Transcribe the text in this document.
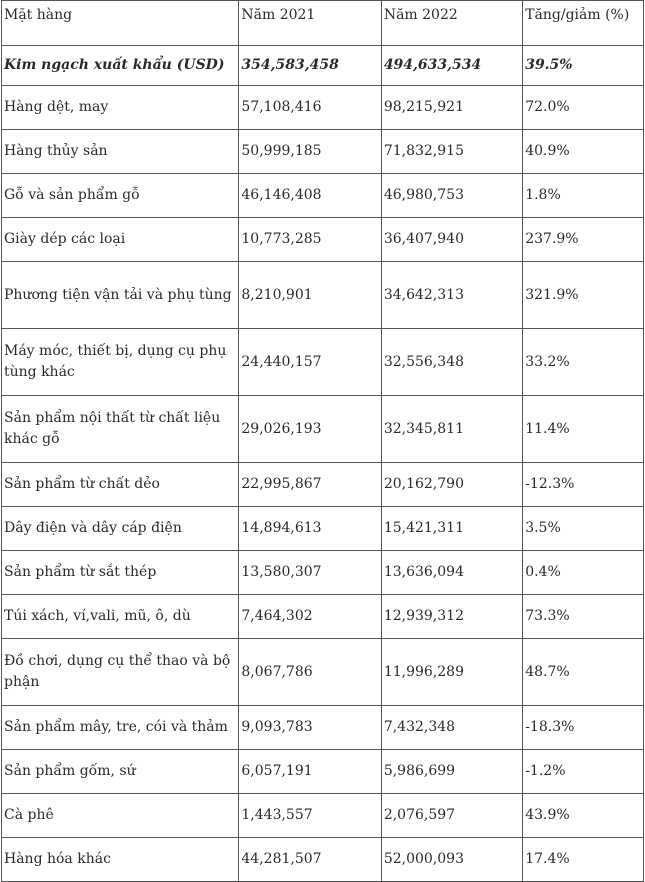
Mặt hàng	Năm 2021	Năm 2022	Tăng/giảm (%)
Kim ngạch xuất khẩu (USD)	354,583,458	494,633,534	39.5%
Hàng dệt, may	57,108,416	98,215,921	72.0%
Hàng thủy sản	50,999,185	71,832,915	40.9%
Gỗ và sản phẩm gỗ	46,146,408	46,980,753	1.8%
Giày dép các loại	10,773,285	36,407,940	237.9%
Phương tiện vận tải và phụ tùng	8,210,901	34,642,313	321.9%
Máy móc, thiết bị, dụng cụ phụ tùng khác	24,440,157	32,556,348	33.2%
Sản phẩm nội thất từ chất liệu khác gỗ	29,026,193	32,345,811	11.4%
Sản phẩm từ chất dẻo	22,995,867	20,162,790	-12.3%
Dây điện và dây cáp điện	14,894,613	15,421,311	3.5%
Sản phẩm từ sắt thép	13,580,307	13,636,094	0.4%
Túi xách, ví,vali, mũ, ô, dù	7,464,302	12,939,312	73.3%
Đồ chơi, dụng cụ thể thao và bộ phận	8,067,786	11,996,289	48.7%
Sản phẩm mây, tre, cói và thảm	9,093,783	7,432,348	-18.3%
Sản phẩm gốm, sứ	6,057,191	5,986,699	-1.2%
Cà phê	1,443,557	2,076,597	43.9%
Hàng hóa khác	44,281,507	52,000,093	17.4%
